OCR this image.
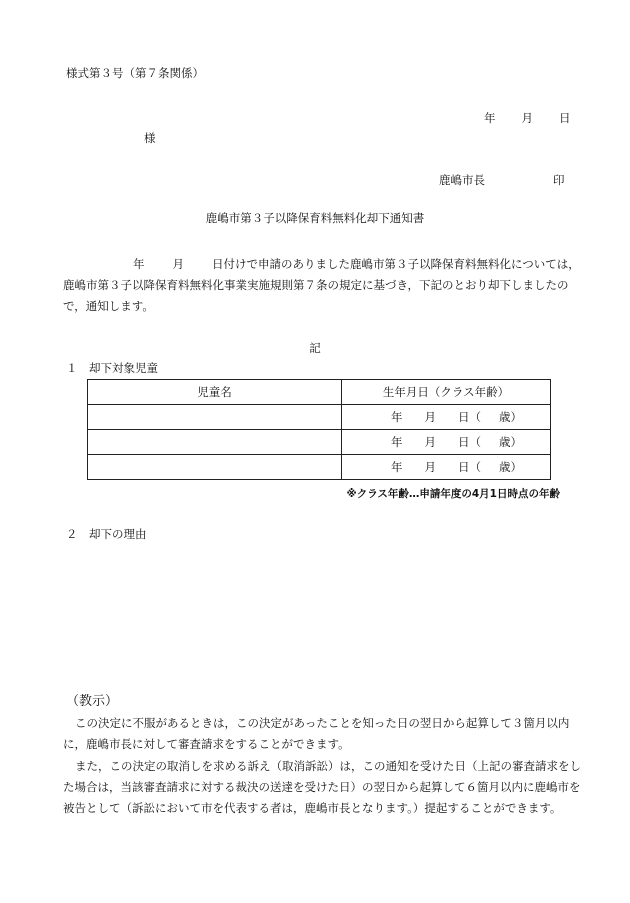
様式第３号（第７条関係）
年 月 日
様
鹿嶋市長	印
鹿嶋市第３子以降保育料無料化却下通知書
年 月 日付けで申請のありました鹿嶋市第３子以降保育料無料化については，鹿嶋市第３子以降保育料無料化事業実施規則第７条の規定に基づき，下記のとおり却下しましたので，通知します。
記
１　却下対象児童
児童名	生年月日（クラス年齢）

	年 月 日（ 歳）

	年 月 日（ 歳）

	年 月 日（ 歳）
※クラス年齢…申請年度の4月1日時点の年齢
２　却下の理由
（教示）
この決定に不服があるときは，この決定があったことを知った日の翌日から起算して３箇月以内に，鹿嶋市長に対して審査請求をすることができます。
また，この決定の取消しを求める訴え（取消訴訟）は，この通知を受けた日（上記の審査請求をした場合は，当該審査請求に対する裁決の送達を受けた日）の翌日から起算して６箇月以内に鹿嶋市を被告として（訴訟において市を代表する者は，鹿嶋市長となります。）提起することができます。
